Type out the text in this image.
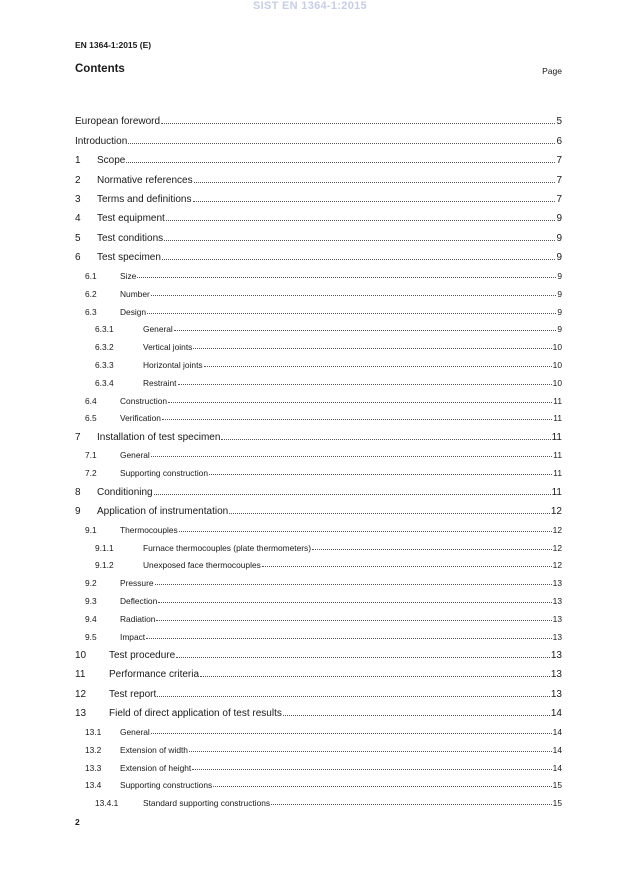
SIST EN 1364-1:2015
EN 1364-1:2015 (E)
Contents	Page
European foreword	5
Introduction	6
1	Scope	7
2	Normative references	7
3	Terms and definitions	7
4	Test equipment	9
5	Test conditions	9
6	Test specimen	9
6.1	Size	9
6.2	Number	9
6.3	Design	9
6.3.1	General	9
6.3.2	Vertical joints	10
6.3.3	Horizontal joints	10
6.3.4	Restraint	10
6.4	Construction	11
6.5	Verification	11
7	Installation of test specimen	11
7.1	General	11
7.2	Supporting construction	11
8	Conditioning	11
9	Application of instrumentation	12
9.1	Thermocouples	12
9.1.1	Furnace thermocouples (plate thermometers)	12
9.1.2	Unexposed face thermocouples	12
9.2	Pressure	13
9.3	Deflection	13
9.4	Radiation	13
9.5	Impact	13
10	Test procedure	13
11	Performance criteria	13
12	Test report	13
13	Field of direct application of test results	14
13.1	General	14
13.2	Extension of width	14
13.3	Extension of height	14
13.4	Supporting constructions	15
13.4.1	Standard supporting constructions	15
2
